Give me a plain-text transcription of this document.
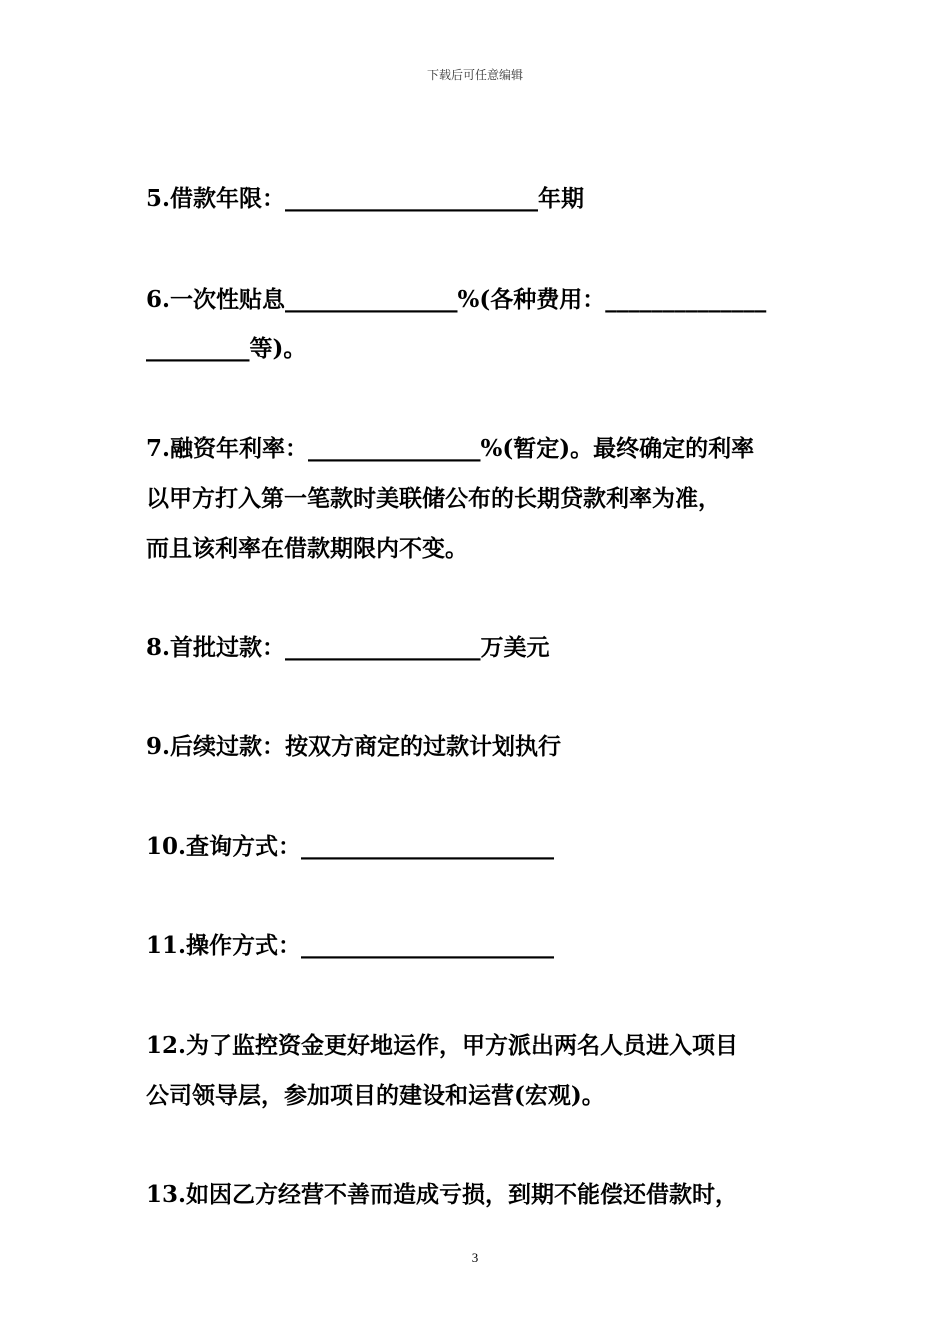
下载后可任意编辑
5.借款年限：______________________年期
6.一次性贴息_______________%(各种费用：______________
_________等)。
7.融资年利率：_______________%(暂定)。最终确定的利率
以甲方打入第一笔款时美联储公布的长期贷款利率为准，
而且该利率在借款期限内不变。
8.首批过款：_________________万美元
9.后续过款：按双方商定的过款计划执行
10.查询方式：______________________
11.操作方式：______________________
12.为了监控资金更好地运作，甲方派出两名人员进入项目
公司领导层，参加项目的建设和运营(宏观)。
13.如因乙方经营不善而造成亏损，到期不能偿还借款时，
3
